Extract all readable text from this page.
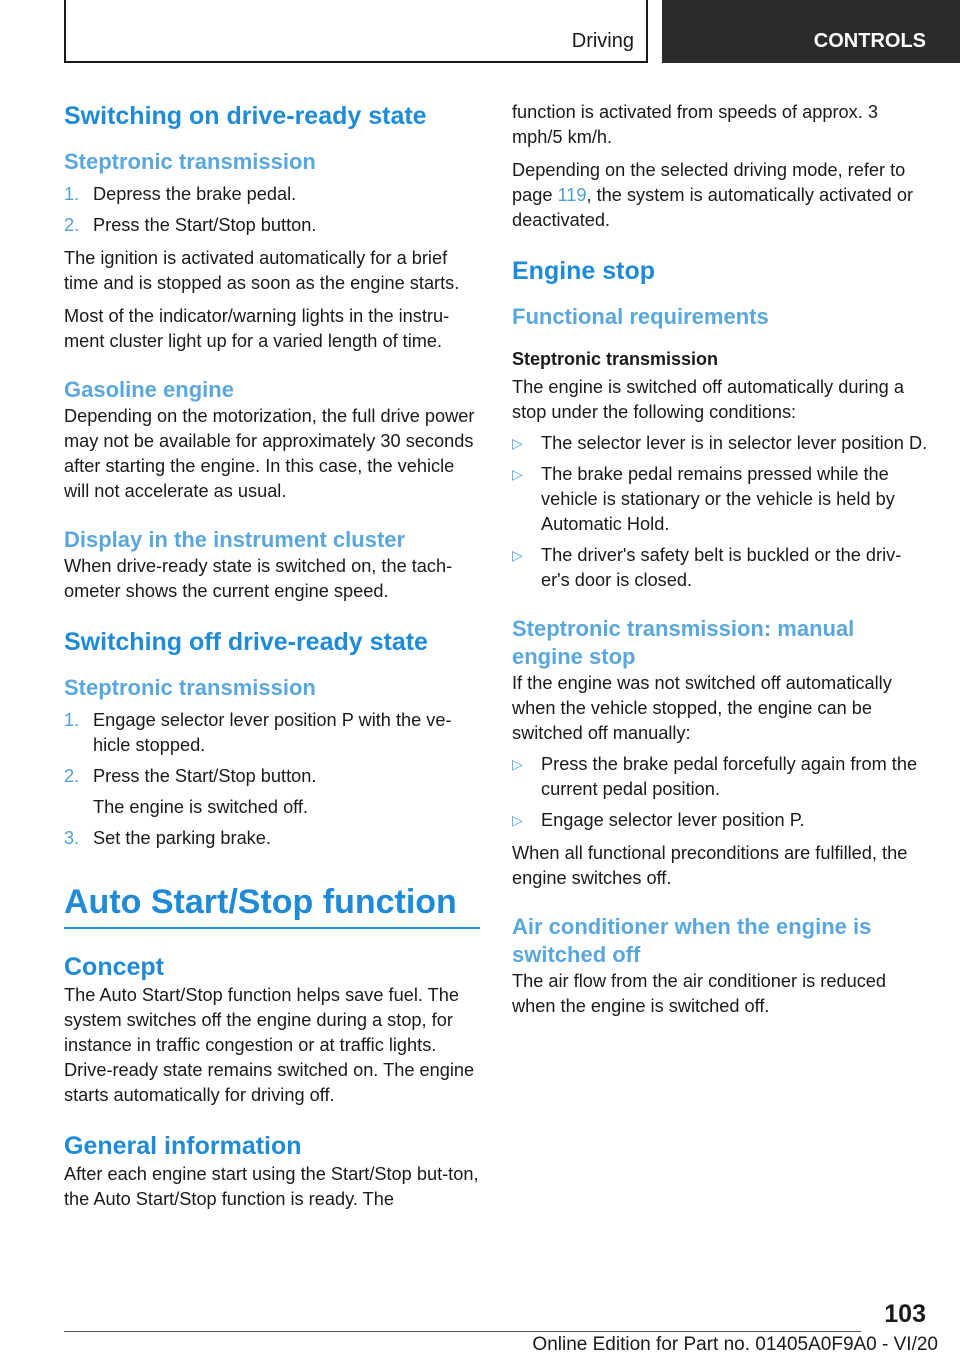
Driving	CONTROLS
Switching on drive-ready state
Steptronic transmission
1. Depress the brake pedal.
2. Press the Start/Stop button.

The ignition is activated automatically for a brief time and is stopped as soon as the engine starts.

Most of the indicator/warning lights in the instru‐ment cluster light up for a varied length of time.

Gasoline engine

Depending on the motorization, the full drive power may not be available for approximately 30 seconds after starting the engine. In this case, the vehicle will not accelerate as usual.

Display in the instrument cluster

When drive-ready state is switched on, the tach‐ometer shows the current engine speed.

Switching off drive-ready state
Steptronic transmission
1. Engage selector lever position P with the ve‐hicle stopped.
2. Press the Start/Stop button.
The engine is switched off.
3. Set the parking brake.
Auto Start/Stop function
Concept

The Auto Start/Stop function helps save fuel. The system switches off the engine during a stop, for instance in traffic congestion or at traffic lights. Drive-ready state remains switched on. The engine starts automatically for driving off.

General information

After each engine start using the Start/Stop but‐ton, the Auto Start/Stop function is ready. The

function is activated from speeds of approx. 3 mph/5 km/h.

Depending on the selected driving mode, refer to page 119, the system is automatically activated or deactivated.

Engine stop
Functional requirements
Steptronic transmission

The engine is switched off automatically during a stop under the following conditions:

▷	The selector lever is in selector lever position D.
▷	The brake pedal remains pressed while the vehicle is stationary or the vehicle is held by Automatic Hold.
▷	The driver's safety belt is buckled or the driv‐er's door is closed.
Steptronic transmission: manual engine stop

If the engine was not switched off automatically when the vehicle stopped, the engine can be switched off manually:

▷	Press the brake pedal forcefully again from the current pedal position.
▷	Engage selector lever position P.

When all functional preconditions are fulfilled, the engine switches off.

Air conditioner when the engine is switched off

The air flow from the air conditioner is reduced when the engine is switched off.

103
Online Edition for Part no. 01405A0F9A0 - VI/20
